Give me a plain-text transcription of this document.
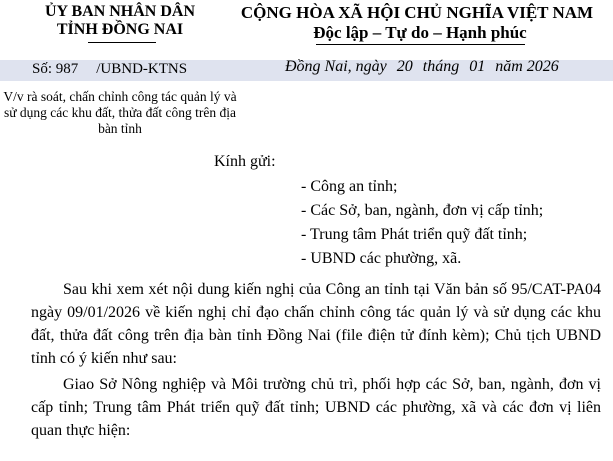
ỦY BAN NHÂN DÂN
TỈNH ĐỒNG NAI
CỘNG HÒA XÃ HỘI CHỦ NGHĨA VIỆT NAM
Độc lập – Tự do – Hạnh phúc
Số: 987 /UBND-KTNS	Đồng Nai, ngày 20 tháng 01 năm 2026
V/v rà soát, chấn chỉnh công tác quản lý và sử dụng các khu đất, thửa đất công trên địa bàn tỉnh
Kính gửi:
- Công an tỉnh;
- Các Sở, ban, ngành, đơn vị cấp tỉnh;
- Trung tâm Phát triển quỹ đất tỉnh;
- UBND các phường, xã.
Sau khi xem xét nội dung kiến nghị của Công an tỉnh tại Văn bản số 95/CAT-PA04 ngày 09/01/2026 về kiến nghị chỉ đạo chấn chỉnh công tác quản lý và sử dụng các khu đất, thửa đất công trên địa bàn tỉnh Đồng Nai (file điện tử đính kèm); Chủ tịch UBND tỉnh có ý kiến như sau:
Giao Sở Nông nghiệp và Môi trường chủ trì, phối hợp các Sở, ban, ngành, đơn vị cấp tỉnh; Trung tâm Phát triển quỹ đất tỉnh; UBND các phường, xã và các đơn vị liên quan thực hiện:
